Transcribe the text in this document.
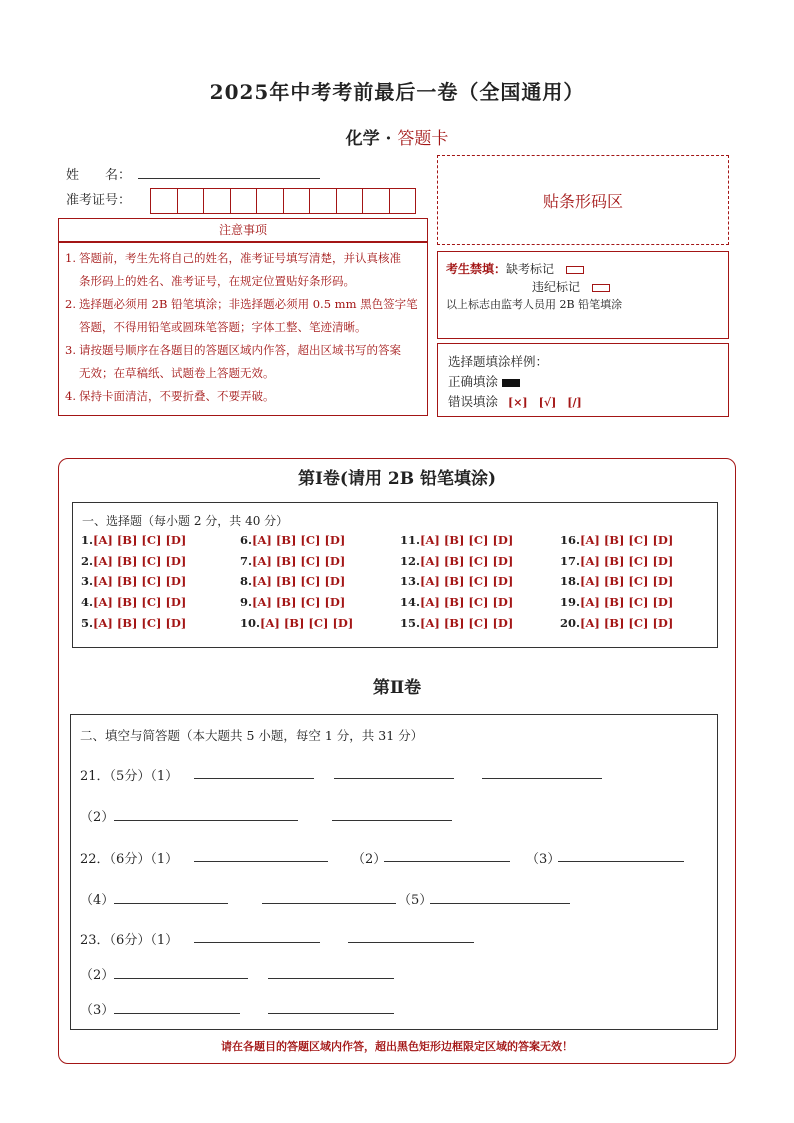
2025年中考考前最后一卷（全国通用）
化学 · 答题卡
姓　　名：
准考证号：	贴条形码区
注意事项

1. 答题前，考生先将自己的姓名，准考证号填写清楚，并认真核准

条形码上的姓名、准考证号，在规定位置贴好条形码。

2. 选择题必须用 2B 铅笔填涂；非选择题必须用 0.5 mm 黑色签字笔

答题，不得用铅笔或圆珠笔答题；字体工整、笔迹清晰。

3. 请按题号顺序在各题目的答题区域内作答，超出区域书写的答案

无效；在草稿纸、试题卷上答题无效。

4. 保持卡面清洁，不要折叠、不要弄破。

考生禁填：缺考标记
违纪标记
以上标志由监考人员用 2B 铅笔填涂
选择题填涂样例：
正确填涂
错误填涂 [×]　[√]　[/]
第Ⅰ卷(请用 2B 铅笔填涂)
一、选择题（每小题 2 分，共 40 分）
1.[A] [B] [C] [D]
2.[A] [B] [C] [D]
3.[A] [B] [C] [D]
4.[A] [B] [C] [D]
5.[A] [B] [C] [D]
6.[A] [B] [C] [D]
7.[A] [B] [C] [D]
8.[A] [B] [C] [D]
9.[A] [B] [C] [D]
10.[A] [B] [C] [D]
11.[A] [B] [C] [D]
12.[A] [B] [C] [D]
13.[A] [B] [C] [D]
14.[A] [B] [C] [D]
15.[A] [B] [C] [D]
16.[A] [B] [C] [D]
17.[A] [B] [C] [D]
18.[A] [B] [C] [D]
19.[A] [B] [C] [D]
20.[A] [B] [C] [D]
第Ⅱ卷
二、填空与简答题（本大题共 5 小题，每空 1 分，共 31 分）
21．（5分）（1）
（2）
22．（6分）（1）	（2）	（3）
（4）	（5）
23．（6分）（1）
（2）
（3）
请在各题目的答题区域内作答，超出黑色矩形边框限定区域的答案无效！
